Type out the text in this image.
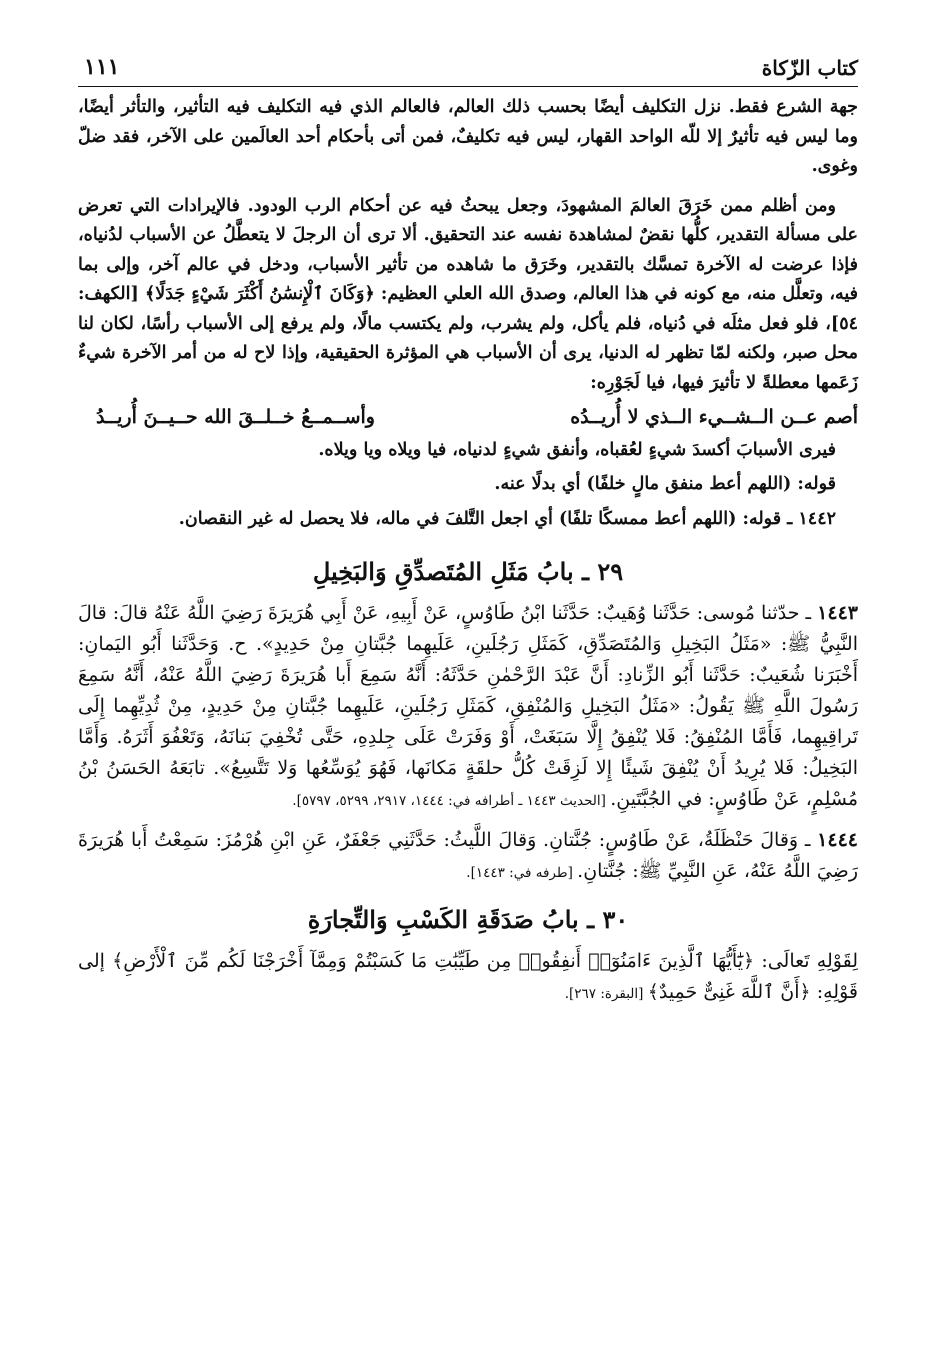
كتاب الزّكاة
١١١

جهة الشرع فقط. نزل التكليف أيضًا بحسب ذلك العالم، فالعالم الذي فيه التكليف فيه التأثير، والتأثر أيضًا، وما ليس فيه تأثيرٌ إلا للّه الواحد القهار، ليس فيه تكليفٌ، فمن أتى بأحكام أحد العالَمين على الآخر، فقد ضلّ وغوى.

ومن أظلم ممن خَرَقَ العالمَ المشهودَ، وجعل يبحثُ فيه عن أحكام الرب الودود. فالإيرادات التي تعرض على مسألة التقدير، كلُّها نقضٌ لمشاهدة نفسه عند التحقيق. ألا ترى أن الرجلَ لا يتعطَّلُ عن الأسباب لدُنياه، فإذا عرضت له الآخرة تمسَّك بالتقدير، وخَرَق ما شاهده من تأثير الأسباب، ودخل في عالم آخر، وإلى بما فيه، وتعلَّل منه، مع كونه في هذا العالم، وصدق الله العلي العظيم: ﴿وَكَانَ ٱلْإِنسَٰنُ أَكْثَرَ شَيْءٍ جَدَلًا﴾ [الكهف: ٥٤]، فلو فعل مثلَه في دُنياه، فلم يأكل، ولم يشرب، ولم يكتسب مالًا، ولم يرفع إلى الأسباب رأسًا، لكان لنا محل صبر، ولكنه لمّا تظهر له الدنيا، يرى أن الأسباب هي المؤثرة الحقيقية، وإذا لاح له من أمر الآخرة شيءٌ زَعَمها معطلةً لا تأثيرَ فيها، فيا لَجَوْرِه:

أصم عــن الــشــيء الــذي لا أُريــدُه
وأســمــعُ خــلــقَ الله حــيــنَ أُريــدُ

فيرى الأسبابَ أكسدَ شيءٍ لعُقباه، وأنفق شيءٍ لدنياه، فيا ويلاه ويا ويلاه.

قوله: (اللهم أعط منفق مالٍ خلفًا) أي بدلًا عنه.

١٤٤٢ ـ قوله: (اللهم أعط ممسكًا تلفًا) أي اجعل التَّلفَ في ماله، فلا يحصل له غير النقصان.

٢٩ ـ بابُ مَثَلِ المُتَصدِّقِ وَالبَخِيلِ

١٤٤٣ ـ حدّثنا مُوسى: حَدَّثَنا وُهَيبٌ: حَدَّثَنا ابْنُ طَاوُسٍ، عَنْ أَبِيهِ، عَنْ أَبِي هُرَيرَةَ رَضِيَ اللَّهُ عَنْهُ قالَ: قالَ النَّبِيُّ ﷺ: «مَثَلُ البَخِيلِ وَالمُتَصَدِّقِ، كَمَثَلِ رَجُلَينِ، عَلَيهِما جُبَّتانِ مِنْ حَدِيدٍ». ح. وَحَدَّثَنا أَبُو اليَمانِ: أَخْبَرَنا شُعَيبٌ: حَدَّثَنا أَبُو الزِّنادِ: أَنَّ عَبْدَ الرَّحْمٰنِ حَدَّثَهُ: أَنَّهُ سَمِعَ أَبا هُرَيرَةَ رَضِيَ اللَّهُ عَنْهُ، أَنَّهُ سَمِعَ رَسُولَ اللَّهِ ﷺ يَقُولُ: «مَثَلُ البَخِيلِ وَالمُنْفِقِ، كَمَثَلِ رَجُلَينِ، عَلَيهِما جُبَّتانِ مِنْ حَدِيدٍ، مِنْ ثُدِيِّهِما إِلَى تَراقِيهِما، فَأَمَّا المُنْفِقُ: فَلا يُنْفِقُ إِلَّا سَبَغَتْ، أَوْ وَفَرَتْ عَلَى جِلدِهِ، حَتَّى تُخْفِيَ بَنانَهُ، وَتَعْفُوَ أَثَرَهُ. وَأَمَّا البَخِيلُ: فَلا يُرِيدُ أَنْ يُنْفِقَ شَيئًا إِلا لَزِقَتْ كُلُّ حلقَةٍ مَكانَها، فَهُوَ يُوَسِّعُها وَلا تَتَّسِعُ». تابَعَهُ الحَسَنُ بْنُ مُسْلِمٍ، عَنْ طَاوُسٍ: في الجُبَّتَينِ. [الحديث ١٤٤٣ ـ أطرافه في: ١٤٤٤، ٢٩١٧، ٥٢٩٩، ٥٧٩٧].

١٤٤٤ ـ وَقالَ حَنْظَلَةُ، عَنْ طَاوُسٍ: جُنَّتانِ. وَقالَ اللَّيثُ: حَدَّثَنِي جَعْفَرٌ، عَنِ ابْنِ هُرْمُزَ: سَمِعْتُ أَبا هُرَيرَةَ رَضِيَ اللَّهُ عَنْهُ، عَنِ النَّبِيِّ ﷺ: جُنَّتانِ. [طرفه في: ١٤٤٣].

٣٠ ـ بابُ صَدَقَةِ الكَسْبِ وَالتِّجارَةِ

لِقَوْلِهِ تَعالَى: ﴿يَٰٓأَيُّهَا ٱلَّذِينَ ءَامَنُوٓا۟ أَنفِقُوا۟ مِن طَيِّبَٰتِ مَا كَسَبْتُمْ وَمِمَّآ أَخْرَجْنَا لَكُم مِّنَ ٱلْأَرْضِ﴾ إلى قَوْلِهِ: ﴿أَنَّ ٱللَّهَ غَنِىٌّ حَمِيدٌ﴾ [البقرة: ٢٦٧].
